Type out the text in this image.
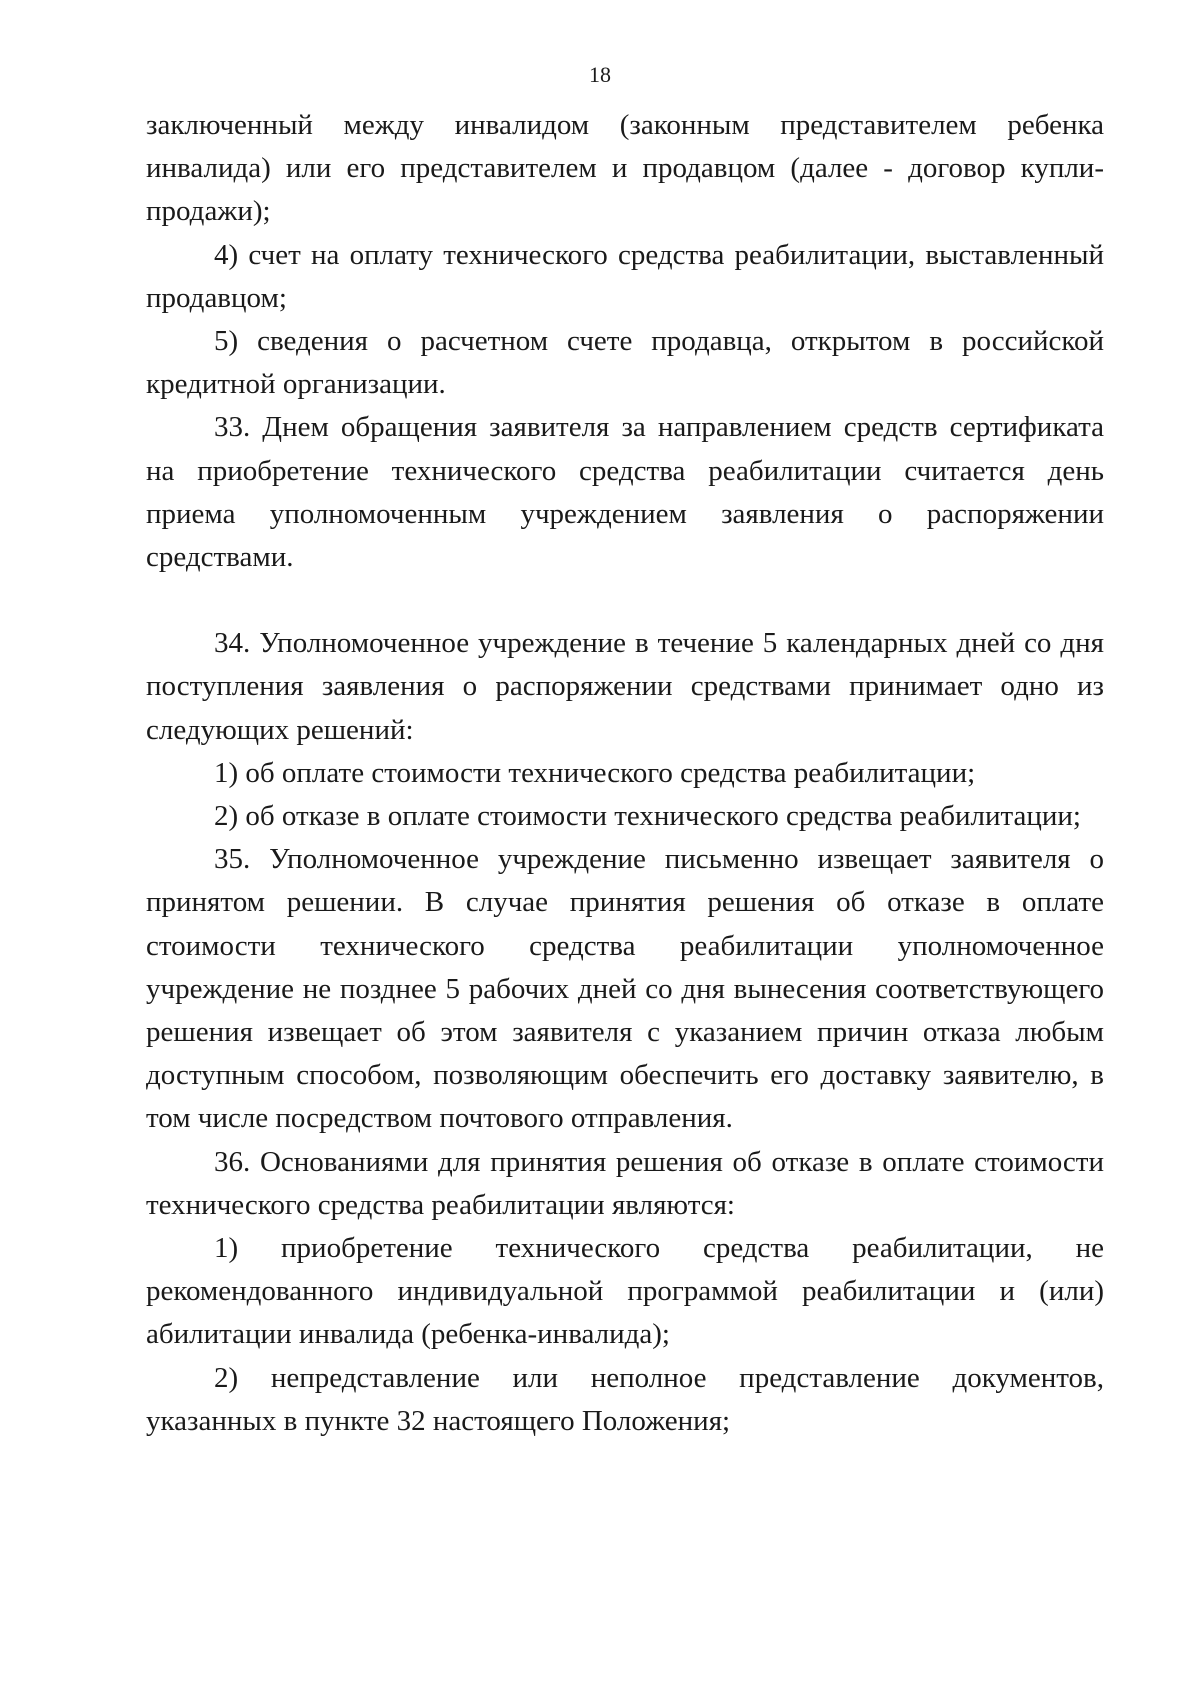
18

заключенный между инвалидом (законным представителем ребенка инвалида) или его представителем и продавцом (далее - договор купли-продажи);

4) счет на оплату технического средства реабилитации, выставленный продавцом;

5) сведения о расчетном счете продавца, открытом в российской кредитной организации.

33. Днем обращения заявителя за направлением средств сертификата на приобретение технического средства реабилитации считается день приема уполномоченным учреждением заявления о распоряжении средствами.

34. Уполномоченное учреждение в течение 5 календарных дней со дня поступления заявления о распоряжении средствами принимает одно из следующих решений:

1) об оплате стоимости технического средства реабилитации;

2) об отказе в оплате стоимости технического средства реабилитации;

35. Уполномоченное учреждение письменно извещает заявителя о принятом решении. В случае принятия решения об отказе в оплате стоимости технического средства реабилитации уполномоченное учреждение не позднее 5 рабочих дней со дня вынесения соответствующего решения извещает об этом заявителя с указанием причин отказа любым доступным способом, позволяющим обеспечить его доставку заявителю, в том числе посредством почтового отправления.

36. Основаниями для принятия решения об отказе в оплате стоимости технического средства реабилитации являются:

1) приобретение технического средства реабилитации, не рекомендованного индивидуальной программой реабилитации и (или) абилитации инвалида (ребенка-инвалида);

2) непредставление или неполное представление документов, указанных в пункте 32 настоящего Положения;
